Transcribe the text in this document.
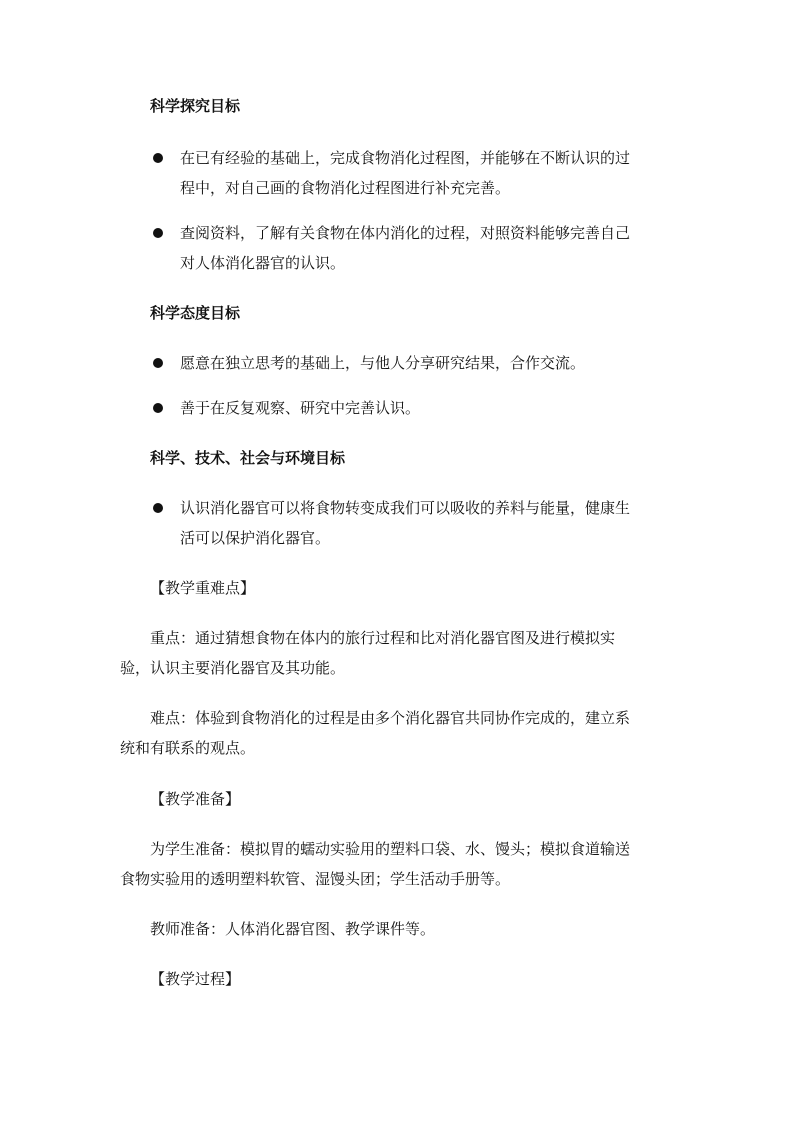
科学探究目标
在已有经验的基础上，完成食物消化过程图，并能够在不断认识的过
程中，对自己画的食物消化过程图进行补充完善。
查阅资料，了解有关食物在体内消化的过程，对照资料能够完善自己
对人体消化器官的认识。
科学态度目标
愿意在独立思考的基础上，与他人分享研究结果，合作交流。
善于在反复观察、研究中完善认识。
科学、技术、社会与环境目标
认识消化器官可以将食物转变成我们可以吸收的养料与能量，健康生
活可以保护消化器官。
【教学重难点】
重点：通过猜想食物在体内的旅行过程和比对消化器官图及进行模拟实
验，认识主要消化器官及其功能。
难点：体验到食物消化的过程是由多个消化器官共同协作完成的，建立系
统和有联系的观点。
【教学准备】
为学生准备：模拟胃的蠕动实验用的塑料口袋、水、馒头；模拟食道输送
食物实验用的透明塑料软管、湿馒头团；学生活动手册等。
教师准备：人体消化器官图、教学课件等。
【教学过程】
